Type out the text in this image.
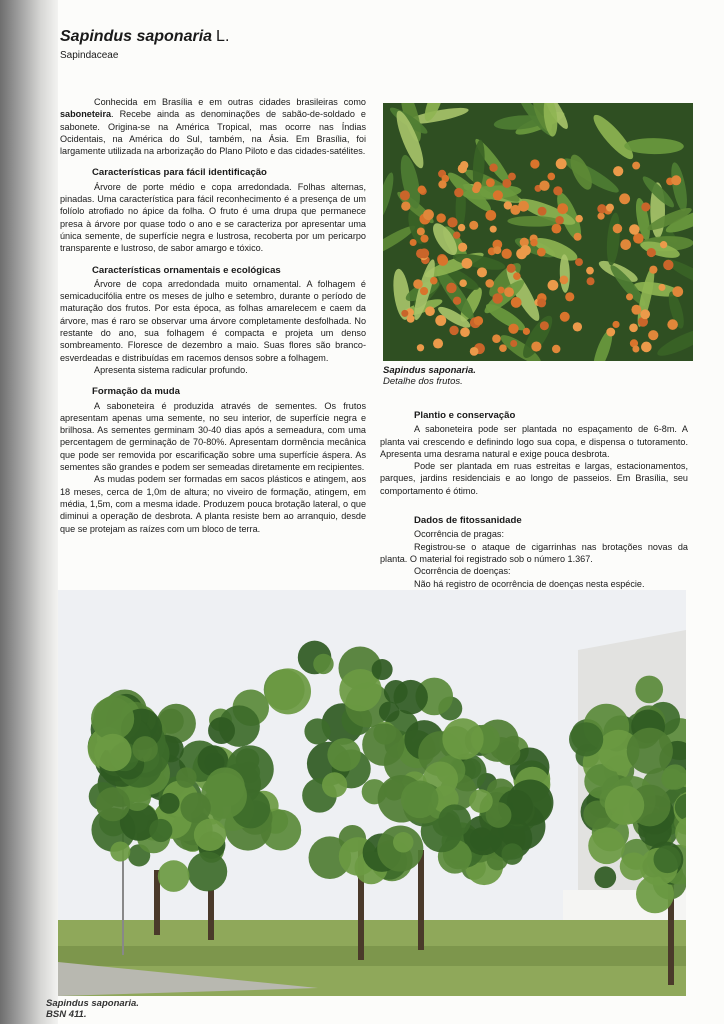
Sapindus saponaria L.
Sapindaceae

Conhecida em Brasília e em outras cidades brasileiras como saboneteira. Recebe ainda as denominações de sabão-de-soldado e sabonete. Origina-se na América Tropical, mas ocorre nas Índias Ocidentais, na América do Sul, também, na Ásia. Em Brasília, foi largamente utilizada na arborização do Plano Piloto e das cidades-satélites.

Características para fácil identificação

Árvore de porte médio e copa arredondada. Folhas alternas, pinadas. Uma característica para fácil reconhecimento é a presença de um folíolo atrofiado no ápice da folha. O fruto é uma drupa que permanece presa à árvore por quase todo o ano e se caracteriza por apresentar uma única semente, de superfície negra e lustrosa, recoberta por um pericarpo transparente e lustroso, de sabor amargo e tóxico.

Características ornamentais e ecológicas

Árvore de copa arredondada muito ornamental. A folhagem é semicaducifólia entre os meses de julho e setembro, durante o período de maturação dos frutos. Por esta época, as folhas amarelecem e caem da árvore, mas é raro se observar uma árvore completamente desfolhada. No restante do ano, sua folhagem é compacta e projeta um denso sombreamento. Floresce de dezembro a maio. Suas flores são branco-esverdeadas e distribuídas em racemos densos sobre a folhagem.

Apresenta sistema radicular profundo.

Formação da muda

A saboneteira é produzida através de sementes. Os frutos apresentam apenas uma semente, no seu interior, de superfície negra e brilhosa. As sementes germinam 30-40 dias após a semeadura, com uma percentagem de germinação de 70-80%. Apresentam dormência mecânica que pode ser removida por escarificação sobre uma superfície áspera. As sementes são grandes e podem ser semeadas diretamente em recipientes.

As mudas podem ser formadas em sacos plásticos e atingem, aos 18 meses, cerca de 1,0m de altura; no viveiro de formação, atingem, em média, 1,5m, com a mesma idade. Produzem pouca brotação lateral, o que diminui a operação de desbrota. A planta resiste bem ao arranquio, desde que se protejam as raízes com um bloco de terra.

Sapindus saponaria.
Detalhe dos frutos.
Plantio e conservação

A saboneteira pode ser plantada no espaçamento de 6-8m. A planta vai crescendo e definindo logo sua copa, e dispensa o tutoramento. Apresenta uma desrama natural e exige pouca desbrota.

Pode ser plantada em ruas estreitas e largas, estacionamentos, parques, jardins residenciais e ao longo de passeios. Em Brasília, seu comportamento é ótimo.

Dados de fitossanidade

Ocorrência de pragas:

Registrou-se o ataque de cigarrinhas nas brotações novas da planta. O material foi registrado sob o número 1.367.

Ocorrência de doenças:

Não há registro de ocorrência de doenças nesta espécie.

Sapindus saponaria.
BSN 411.
